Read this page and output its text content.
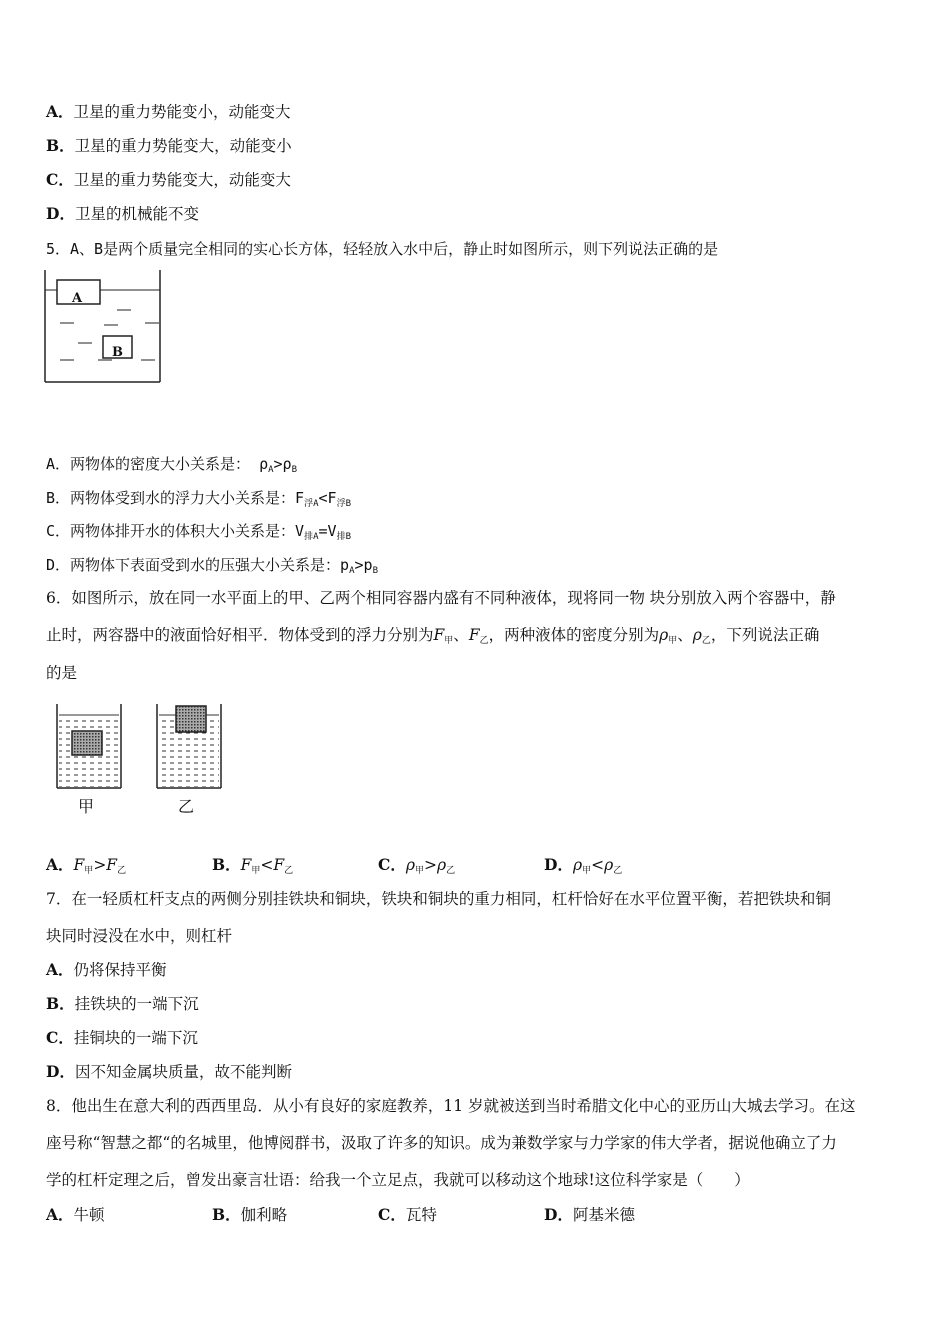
A．卫星的重力势能变小，动能变大
B．卫星的重力势能变大，动能变小
C．卫星的重力势能变大，动能变大
D．卫星的机械能不变
5．A、B是两个质量完全相同的实心长方体，轻轻放入水中后，静止时如图所示，则下列说法正确的是
A
B
A．两物体的密度大小关系是： $\rho_A>\rho_B$
B．两物体受到水的浮力大小关系是：$F_{浮A}<F_{浮B}$
C．两物体排开水的体积大小关系是：$V_{排A}=V_{排B}$
D．两物体下表面受到水的压强大小关系是：$p_A>p_B$
6．如图所示，放在同一水平面上的甲、乙两个相同容器内盛有不同种液体，现将同一物 块分别放入两个容器中，静
止时，两容器中的液面恰好相平．物体受到的浮力分别为$F_甲$、$F_乙$，两种液体的密度分别为$\rho_甲$、$\rho_乙$，下列说法正确
的是
甲	乙
A．$F_甲>F_乙$	B．$F_甲<F_乙$	C．$\rho_甲>\rho_乙$	D．$\rho_甲<\rho_乙$
7．在一轻质杠杆支点的两侧分别挂铁块和铜块，铁块和铜块的重力相同，杠杆恰好在水平位置平衡，若把铁块和铜
块同时浸没在水中，则杠杆
A．仍将保持平衡
B．挂铁块的一端下沉
C．挂铜块的一端下沉
D．因不知金属块质量，故不能判断
8．他出生在意大利的西西里岛．从小有良好的家庭教养，11 岁就被送到当时希腊文化中心的亚历山大城去学习。在这
座号称“智慧之都“的名城里，他博阅群书，汲取了许多的知识。成为兼数学家与力学家的伟大学者，据说他确立了力
学的杠杆定理之后，曾发出豪言壮语：给我一个立足点，我就可以移动这个地球!这位科学家是（　　）
A．牛顿	B．伽利略	C．瓦特	D．阿基米德
